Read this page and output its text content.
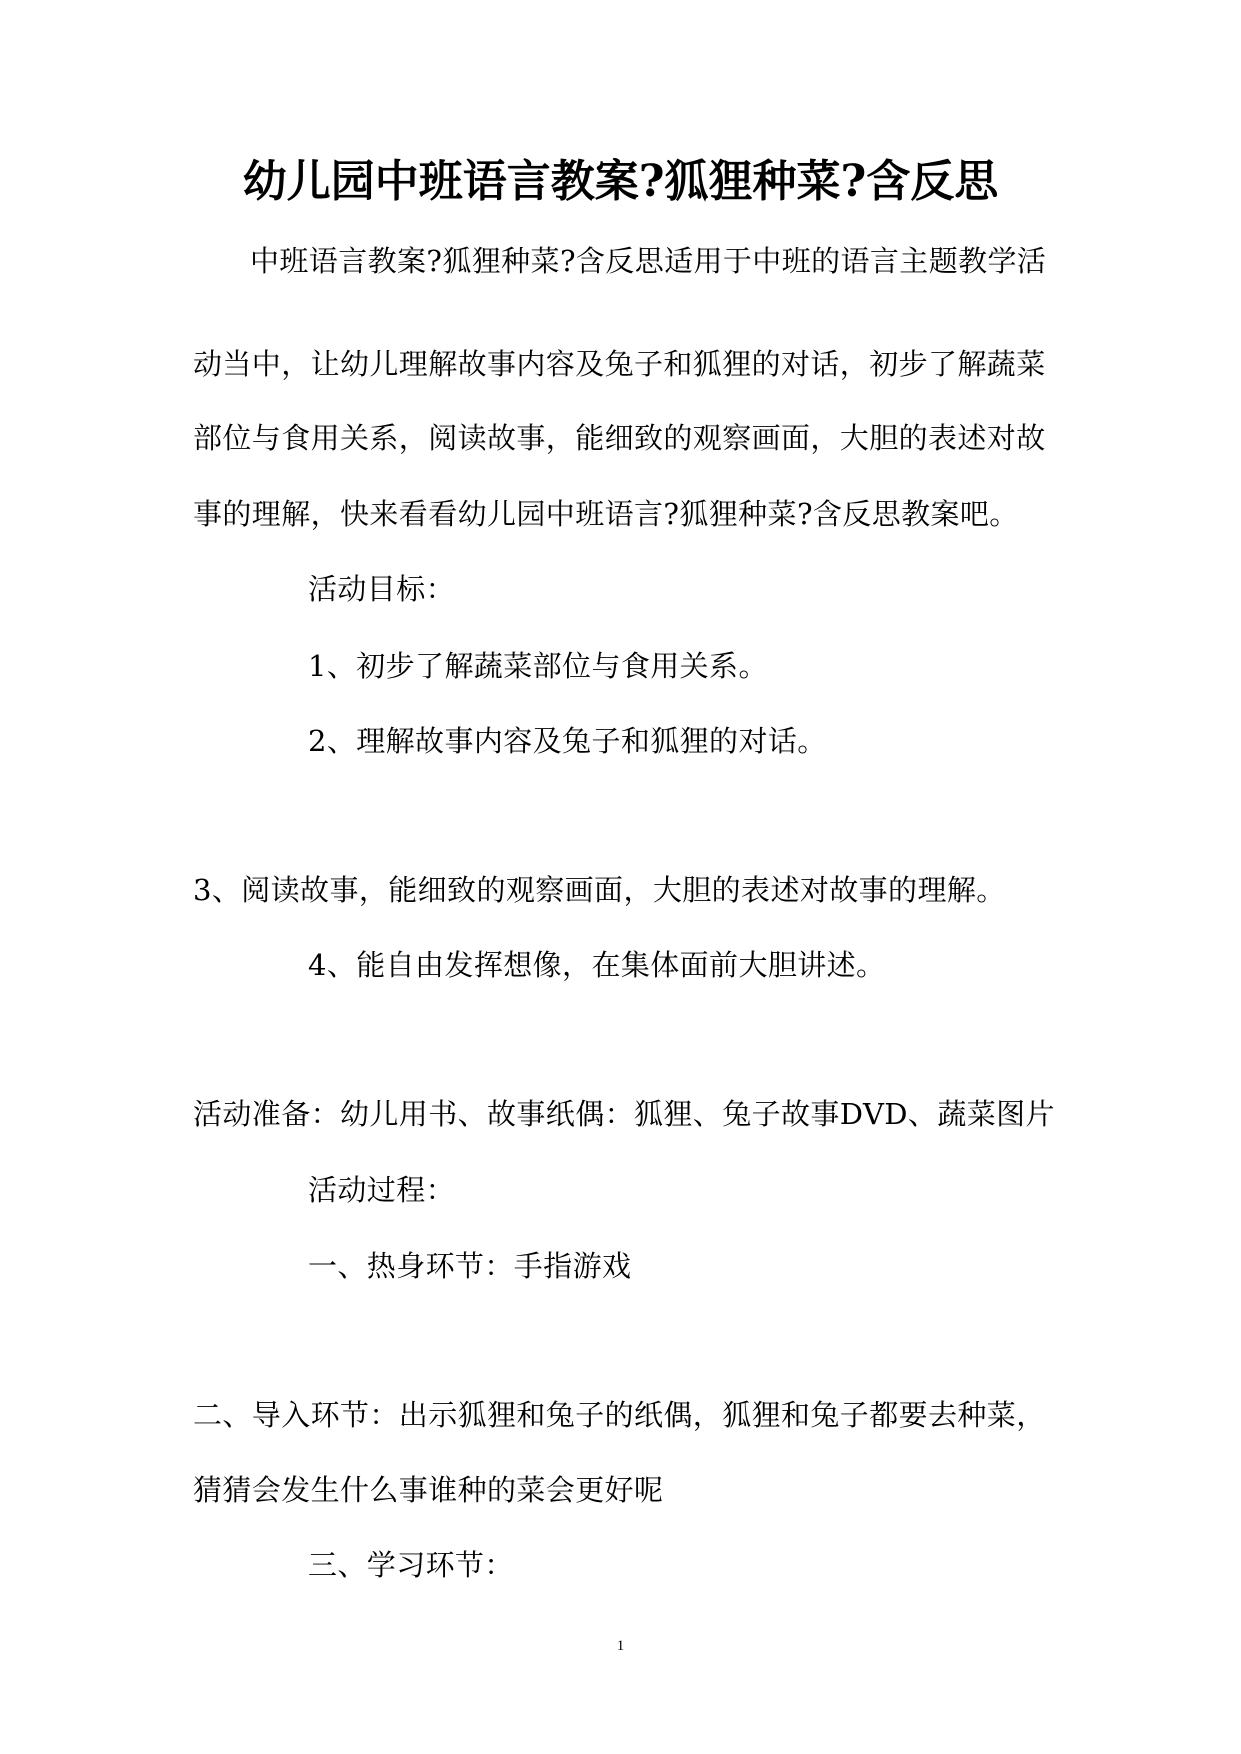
幼儿园中班语言教案?狐狸种菜?含反思
中班语言教案?狐狸种菜?含反思适用于中班的语言主题教学活
动当中，让幼儿理解故事内容及兔子和狐狸的对话，初步了解蔬菜
部位与食用关系，阅读故事，能细致的观察画面，大胆的表述对故
事的理解，快来看看幼儿园中班语言?狐狸种菜?含反思教案吧。
活动目标：
1、初步了解蔬菜部位与食用关系。
2、理解故事内容及兔子和狐狸的对话。
3、阅读故事，能细致的观察画面，大胆的表述对故事的理解。
4、能自由发挥想像，在集体面前大胆讲述。
活动准备：幼儿用书、故事纸偶：狐狸、兔子故事DVD、蔬菜图片
活动过程：
一、热身环节：手指游戏
二、导入环节：出示狐狸和兔子的纸偶，狐狸和兔子都要去种菜，
猜猜会发生什么事谁种的菜会更好呢
三、学习环节：
1
